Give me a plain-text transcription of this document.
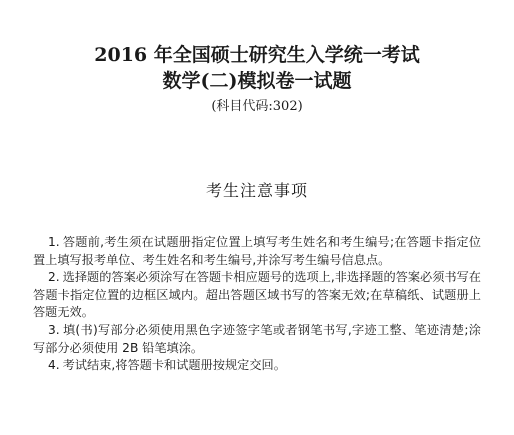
2016 年全国硕士研究生入学统一考试
数学(二)模拟卷一试题
(科目代码:302)
考生注意事项

1. 答题前,考生须在试题册指定位置上填写考生姓名和考生编号;在答题卡指定位置上填写报考单位、考生姓名和考生编号,并涂写考生编号信息点。

2. 选择题的答案必须涂写在答题卡相应题号的选项上,非选择题的答案必须书写在答题卡指定位置的边框区域内。超出答题区域书写的答案无效;在草稿纸、试题册上答题无效。

3. 填(书)写部分必须使用黑色字迹签字笔或者钢笔书写,字迹工整、笔迹清楚;涂写部分必须使用 2B 铅笔填涂。

4. 考试结束,将答题卡和试题册按规定交回。
